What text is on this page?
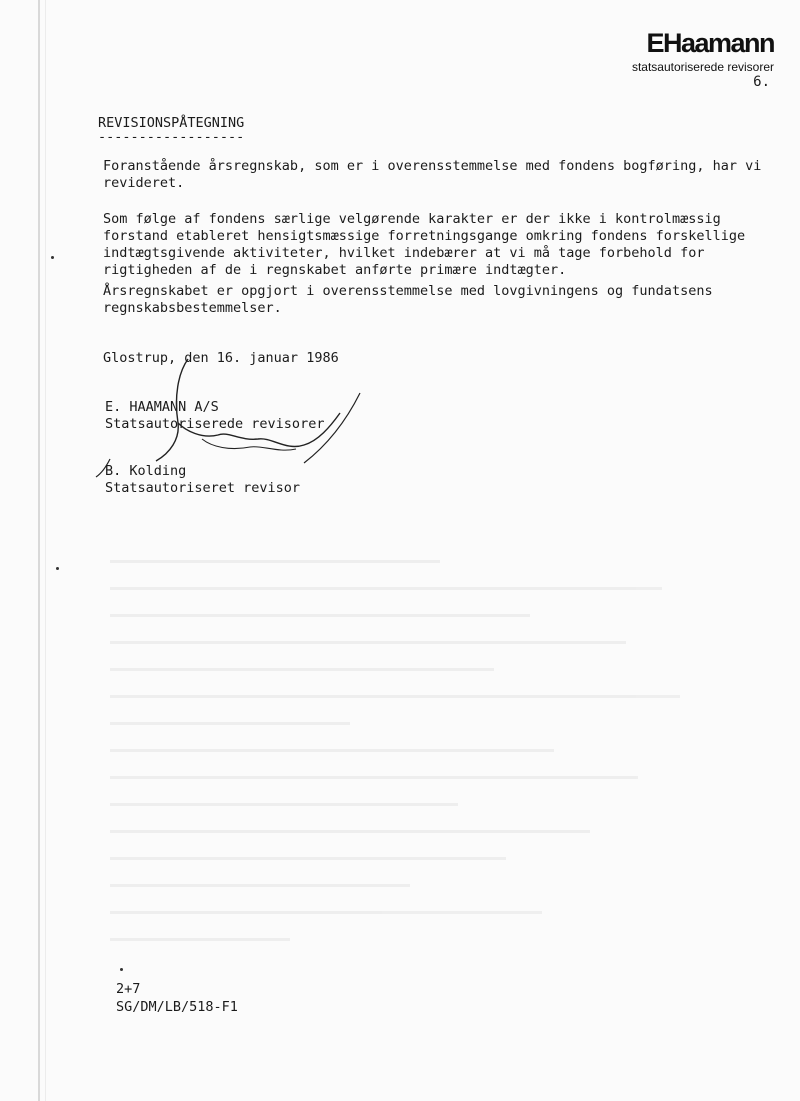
EHaamann
statsautoriserede revisorer
6.
REVISIONSPÅTEGNING
------------------

Foranstående årsregnskab, som er i overensstemmelse med fondens bogføring, har vi revideret.

Som følge af fondens særlige velgørende karakter er der ikke i kontrolmæssig forstand etableret hensigtsmæssige forretningsgange omkring fondens forskellige indtægtsgivende aktiviteter, hvilket indebærer at vi må tage forbehold for rigtigheden af de i regnskabet anførte primære indtægter.

Årsregnskabet er opgjort i overensstemmelse med lovgivningens og fundatsens regnskabsbestemmelser.

Glostrup, den 16. januar 1986
E. HAAMANN A/S
Statsautoriserede revisorer
B. Kolding
Statsautoriseret revisor
2+7
SG/DM/LB/518-F1
